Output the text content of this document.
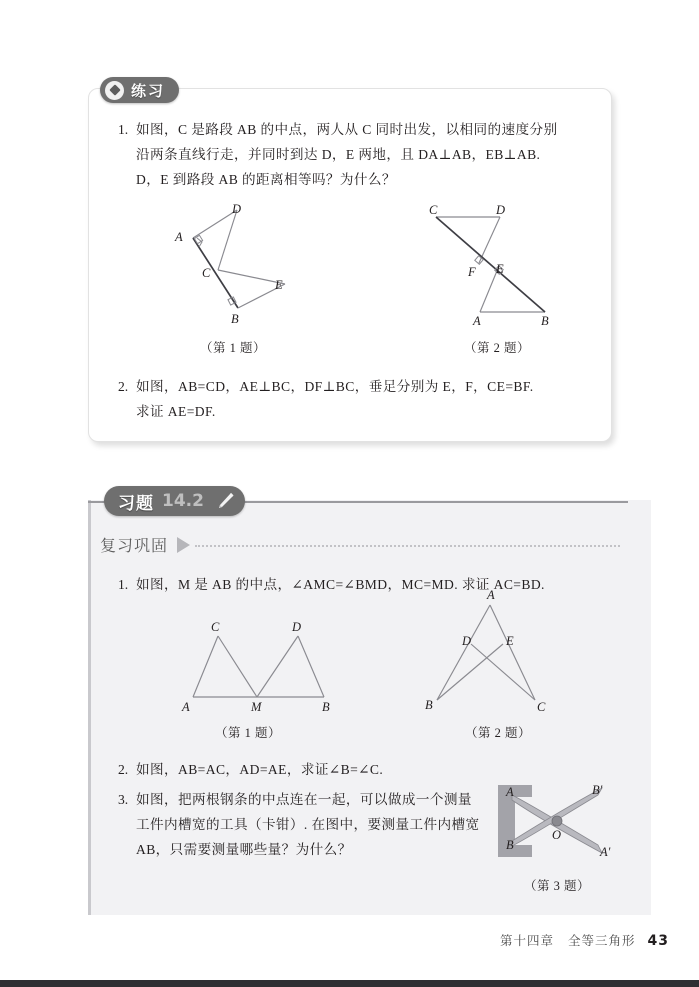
练习
1. 如图，C 是路段 AB 的中点，两人从 C 同时出发，以相同的速度分别
沿两条直线行走，并同时到达 D，E 两地，且 DA⊥AB，EB⊥AB.
D，E 到路段 AB 的距离相等吗？为什么？
A
D
C
E
B
（第 1 题）
C	D
F E
A	B
（第 2 题）
2. 如图，AB=CD，AE⊥BC，DF⊥BC，垂足分别为 E，F，CE=BF.
求证 AE=DF.
习题 14.2
复习巩固
1. 如图，M 是 AB 的中点，∠AMC=∠BMD，MC=MD. 求证 AC=BD.
C	D
A	M	B
（第 1 题）
A
D	E
B	C
（第 2 题）
2. 如图，AB=AC，AD=AE，求证∠B=∠C.
3. 如图，把两根钢条的中点连在一起，可以做成一个测量
工件内槽宽的工具（卡钳）. 在图中，要测量工件内槽宽
AB，只需要测量哪些量？为什么？
A
B
O
B'
A'
（第 3 题）
第十四章 全等三角形 43
